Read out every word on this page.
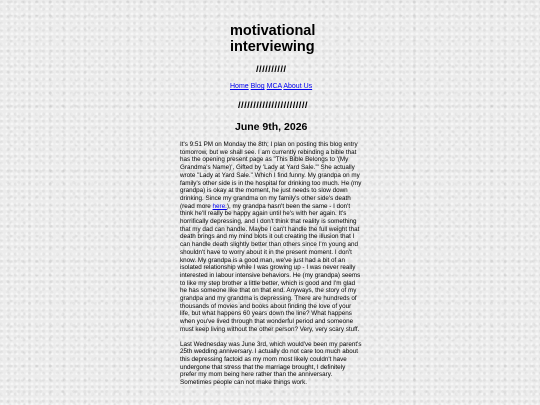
motivational interviewing
//////////
Home Blog MCA About Us
///////////////////////
June 9th, 2026

It's 9:51 PM on Monday the 8th; I plan on posting this blog entry tomorrow, but we shall see. I am currently rebinding a bible that has the opening present page as "This Bible Belongs to '(My Grandma's Name)', Gifted by 'Lady at Yard Sale.'" She actually wrote "Lady at Yard Sale." Which I find funny. My grandpa on my family's other side is in the hospital for drinking too much. He (my grandpa) is okay at the moment, he just needs to slow down drinking. Since my grandma on my family's other side's death (read more here.), my grandpa hasn't been the same - I don't think he'll really be happy again until he's with her again. It's horrifically depressing, and I don't think that reality is something that my dad can handle. Maybe I can't handle the full weight that death brings and my mind blots it out creating the illusion that I can handle death slightly better than others since I'm young and shouldn't have to worry about it in the present moment. I don't know. My grandpa is a good man, we've just had a bit of an isolated relationship while I was growing up - I was never really interested in labour intensive behaviors. He (my grandpa) seems to like my step brother a little better, which is good and I'm glad he has someone like that on that end. Anyways, the story of my grandpa and my grandma is depressing. There are hundreds of thousands of movies and books about finding the love of your life, but what happens 60 years down the line? What happens when you've lived through that wonderful period and someone must keep living without the other person? Very, very scary stuff.

Last Wednesday was June 3rd, which would've been my parent's 25th wedding anniversary. I actually do not care too much about this depressing factoid as my mom most likely couldn't have undergone that stress that the marriage brought, I definitely prefer my mom being here rather than the anniversary. Sometimes people can not make things work.
